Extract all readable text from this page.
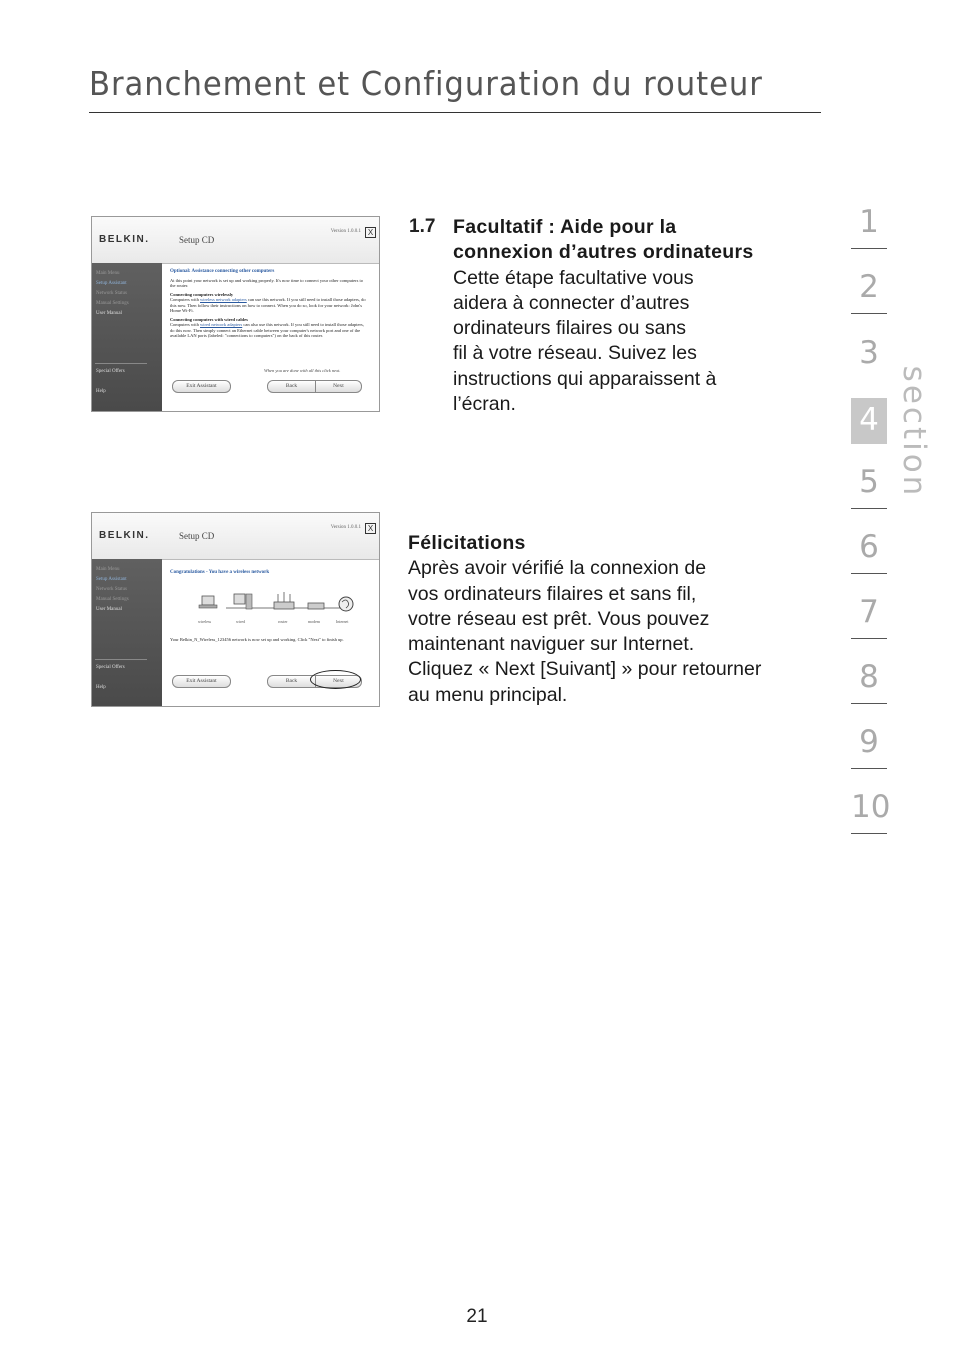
Branchement et Configuration du routeur
1
2
3
4
5
6
7
8
9
10
section
BELKIN.	Setup CD
Version 1.0.0.1 X
Main Menu
Setup Assistant
Network Status
Manual Settings
User Manual
Special Offers
Help
Optional: Assistance connecting other computers

At this point your network is set up and working properly. It's now time to connect your other computers to the router.

Connecting computers wirelessly

Computers with wireless network adapters can use this network. If you still need to install those adapters, do this now. Then follow their instructions on how to connect. When you do so, look for your network: John's Home Wi-Fi.

Connecting computers with wired cables

Computers with wired network adapters can also use this network. If you still need to install those adapters, do this now. Then simply connect an Ethernet cable between your computer's network port and one of the available LAN ports (labeled: "connections to computers") on the back of this router.

When you are done with all this click next.
Exit Assistant	Back	Next
BELKIN.	Setup CD
Version 1.0.0.1 X
Main Menu
Setup Assistant
Network Status
Manual Settings
User Manual
Special Offers
Help
Congratulations - You have a wireless network
wireless	wired	router	modem	Internet

Your Belkin_N_Wireless_123456 network is now set up and working. Click "Next" to finish up.

Exit Assistant	Back	Next
1.7 Facultatif : Aide pour la
connexion d’autres ordinateurs
Cette étape facultative vous
aidera à connecter d’autres
ordinateurs filaires ou sans
fil à votre réseau. Suivez les
instructions qui apparaissent à
l’écran.
Félicitations
Après avoir vérifié la connexion de
vos ordinateurs filaires et sans fil,
votre réseau est prêt. Vous pouvez
maintenant naviguer sur Internet.
Cliquez « Next [Suivant] » pour retourner
au menu principal.
21
